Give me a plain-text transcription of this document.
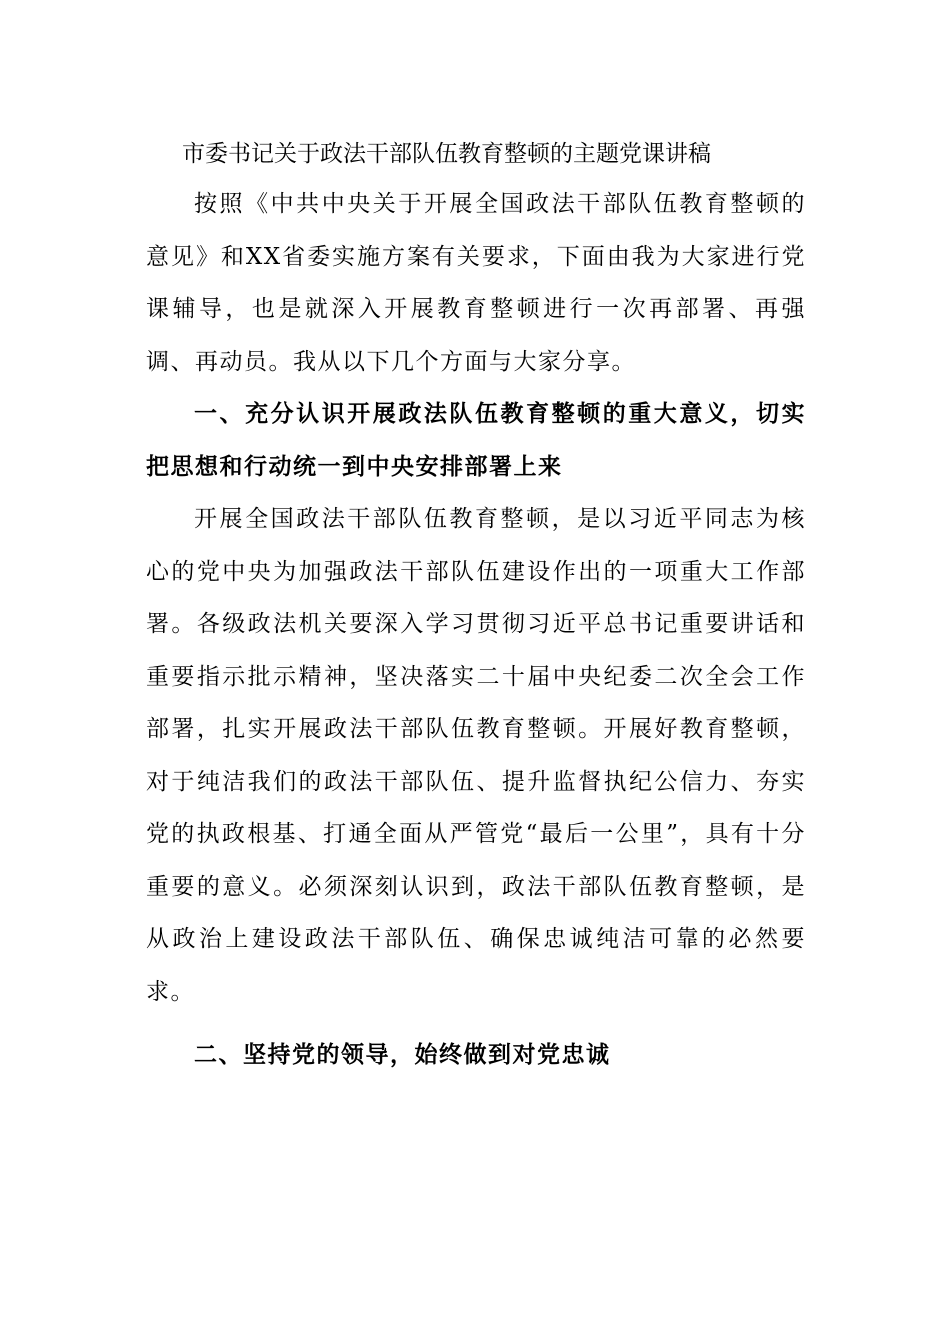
市委书记关于政法干部队伍教育整顿的主题党课讲稿

按照《中共中央关于开展全国政法干部队伍教育整顿的意见》和XX省委实施方案有关要求，下面由我为大家进行党课辅导，也是就深入开展教育整顿进行一次再部署、再强调、再动员。我从以下几个方面与大家分享。

一、充分认识开展政法队伍教育整顿的重大意义，切实把思想和行动统一到中央安排部署上来

开展全国政法干部队伍教育整顿，是以习近平同志为核心的党中央为加强政法干部队伍建设作出的一项重大工作部署。各级政法机关要深入学习贯彻习近平总书记重要讲话和重要指示批示精神，坚决落实二十届中央纪委二次全会工作部署，扎实开展政法干部队伍教育整顿。开展好教育整顿，对于纯洁我们的政法干部队伍、提升监督执纪公信力、夯实党的执政根基、打通全面从严管党“最后一公里”，具有十分重要的意义。必须深刻认识到，政法干部队伍教育整顿，是从政治上建设政法干部队伍、确保忠诚纯洁可靠的必然要求。

二、坚持党的领导，始终做到对党忠诚
